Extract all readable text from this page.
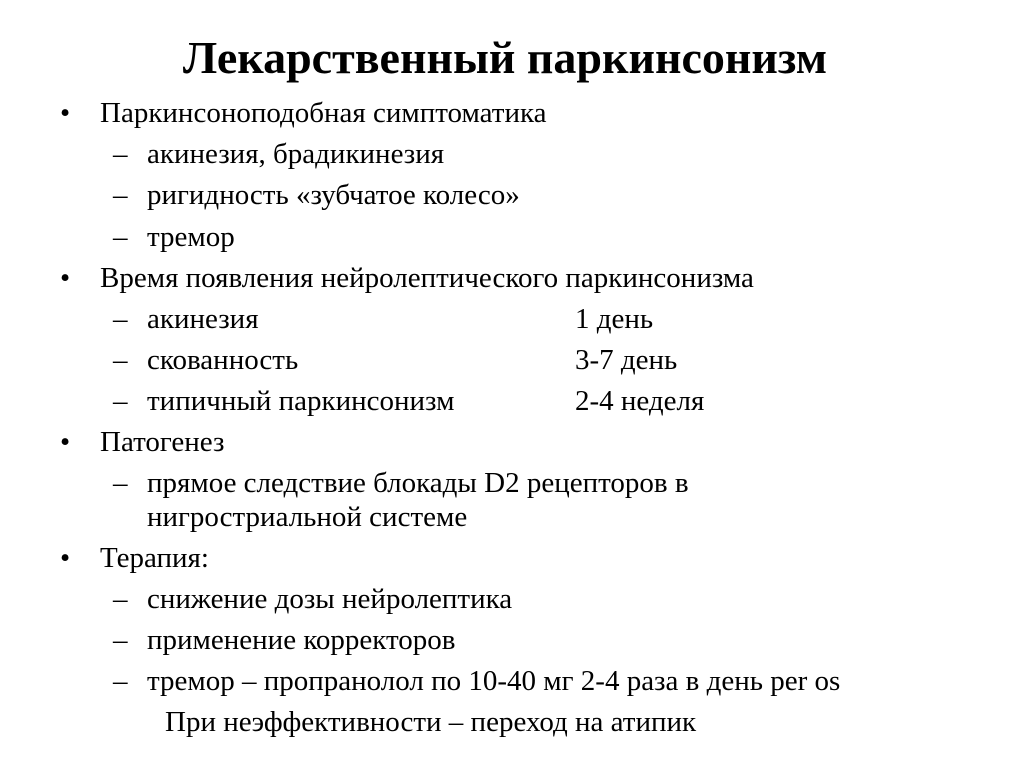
Лекарственный паркинсонизм
• Паркинсоноподобная симптоматика
– акинезия, брадикинезия
– ригидность «зубчатое колесо»
– тремор
• Время появления нейролептического паркинсонизма
– акинезия	1 день
– скованность	3-7 день
– типичный паркинсонизм	2-4 неделя
• Патогенез
– прямое следствие блокады D2 рецепторов в
нигростриальной системе
• Терапия:
– снижение дозы нейролептика
– применение корректоров
– тремор – пропранолол по 10-40 мг 2-4 раза в день per os
При неэффективности – переход на атипик
